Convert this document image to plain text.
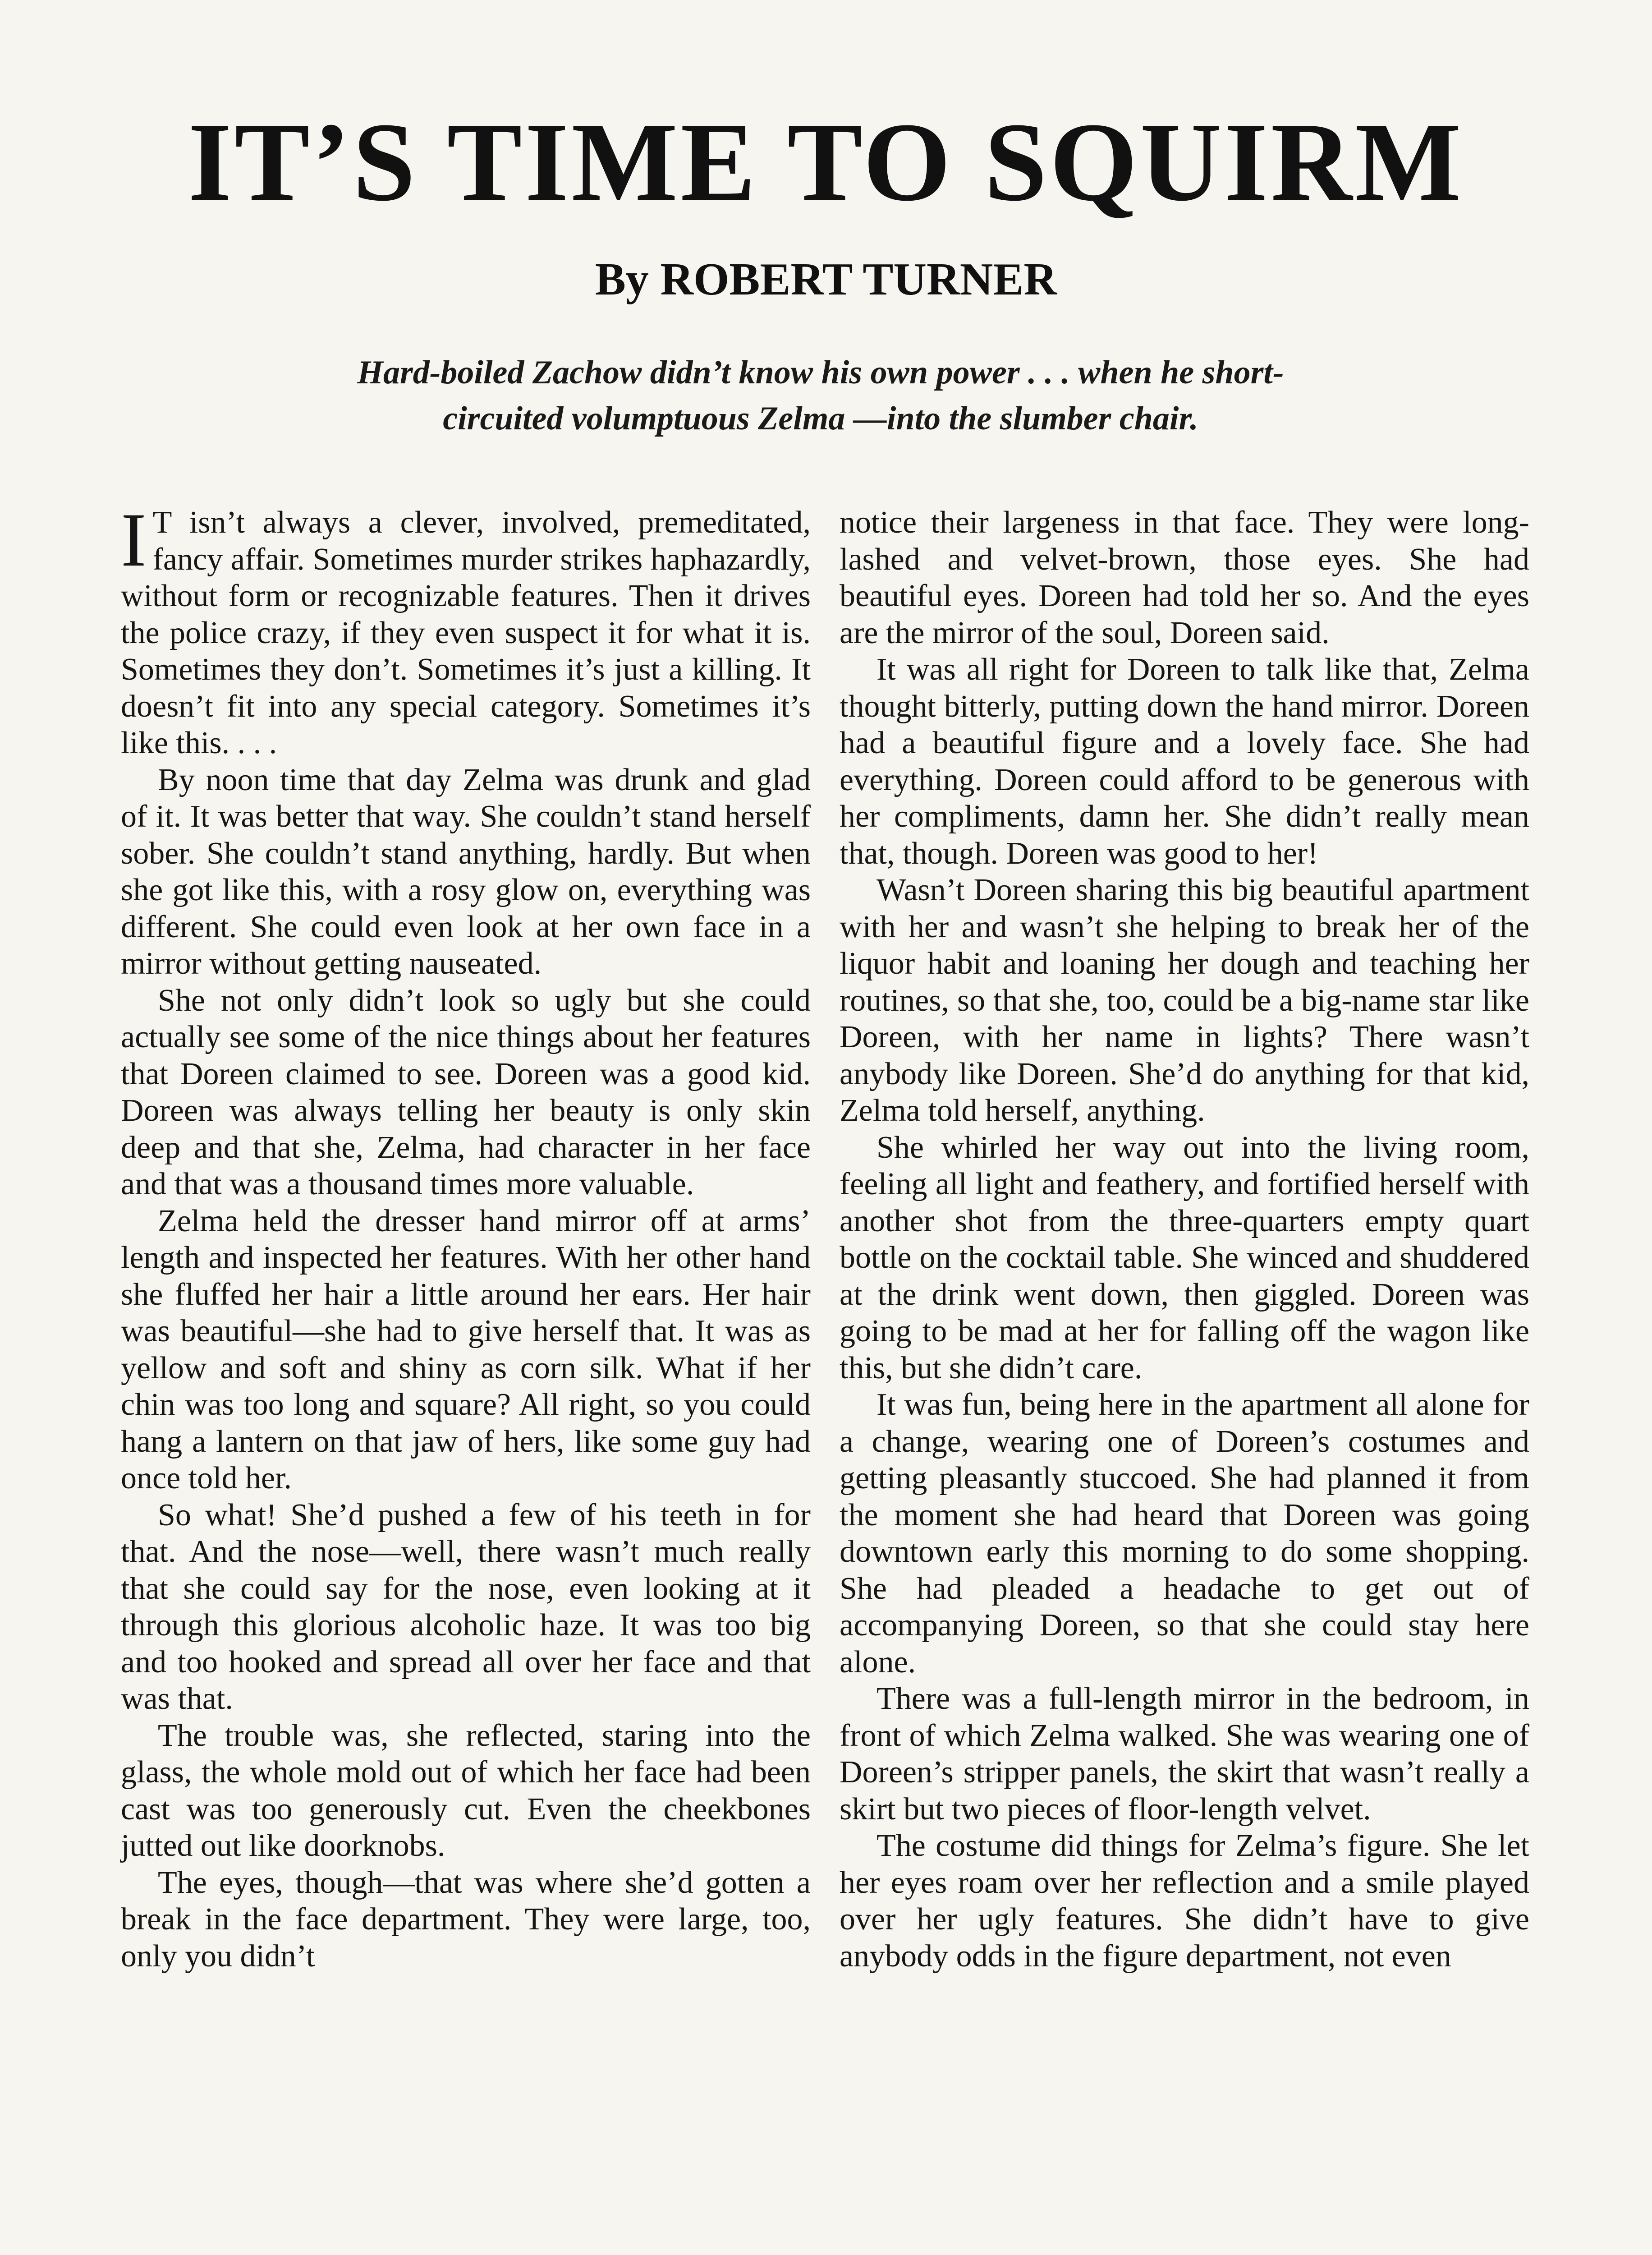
IT’S TIME TO SQUIRM
By ROBERT TURNER

Hard-boiled Zachow didn’t know his own power . . . when he short-circuited volumptuous Zelma —into the slumber chair.

I T isn’t always a clever, involved, premeditated, fancy affair. Sometimes murder strikes haphazardly, without form or recognizable features. Then it drives the police crazy, if they even suspect it for what it is. Sometimes they don’t. Sometimes it’s just a killing. It doesn’t fit into any special category. Sometimes it’s like this. . . .

By noon time that day Zelma was drunk and glad of it. It was better that way. She couldn’t stand herself sober. She couldn’t stand anything, hardly. But when she got like this, with a rosy glow on, everything was different. She could even look at her own face in a mirror without getting nauseated.

She not only didn’t look so ugly but she could actually see some of the nice things about her features that Doreen claimed to see. Doreen was a good kid. Doreen was always telling her beauty is only skin deep and that she, Zelma, had character in her face and that was a thousand times more valuable.

Zelma held the dresser hand mirror off at arms’ length and inspected her features. With her other hand she fluffed her hair a little around her ears. Her hair was beautiful—she had to give herself that. It was as yellow and soft and shiny as corn silk. What if her chin was too long and square? All right, so you could hang a lantern on that jaw of hers, like some guy had once told her.

So what! She’d pushed a few of his teeth in for that. And the nose—well, there wasn’t much really that she could say for the nose, even looking at it through this glorious alcoholic haze. It was too big and too hooked and spread all over her face and that was that.

The trouble was, she reflected, staring into the glass, the whole mold out of which her face had been cast was too generously cut. Even the cheekbones jutted out like doorknobs.

The eyes, though—that was where she’d gotten a break in the face department. They were large, too, only you didn’t

notice their largeness in that face. They were long-lashed and velvet-brown, those eyes. She had beautiful eyes. Doreen had told her so. And the eyes are the mirror of the soul, Doreen said.

It was all right for Doreen to talk like that, Zelma thought bitterly, putting down the hand mirror. Doreen had a beautiful figure and a lovely face. She had everything. Doreen could afford to be generous with her compliments, damn her. She didn’t really mean that, though. Doreen was good to her!

Wasn’t Doreen sharing this big beautiful apartment with her and wasn’t she helping to break her of the liquor habit and loaning her dough and teaching her routines, so that she, too, could be a big-name star like Doreen, with her name in lights? There wasn’t anybody like Doreen. She’d do anything for that kid, Zelma told herself, anything.

She whirled her way out into the living room, feeling all light and feathery, and fortified herself with another shot from the three-quarters empty quart bottle on the cocktail table. She winced and shuddered at the drink went down, then giggled. Doreen was going to be mad at her for falling off the wagon like this, but she didn’t care.

It was fun, being here in the apartment all alone for a change, wearing one of Doreen’s costumes and getting pleasantly stuccoed. She had planned it from the moment she had heard that Doreen was going downtown early this morning to do some shopping. She had pleaded a headache to get out of accompanying Doreen, so that she could stay here alone.

There was a full-length mirror in the bedroom, in front of which Zelma walked. She was wearing one of Doreen’s stripper panels, the skirt that wasn’t really a skirt but two pieces of floor-length velvet.

The costume did things for Zelma’s figure. She let her eyes roam over her reflection and a smile played over her ugly features. She didn’t have to give anybody odds in the figure department, not even
